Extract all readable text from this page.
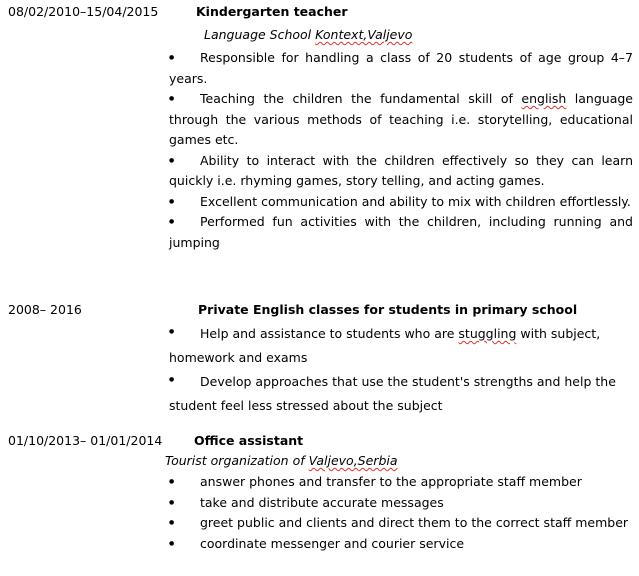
08/02/2010–15/04/2015	Kindergarten teacher
Language School Kontext,Valjevo
● Responsible for handling a class of 20 students of age group 4–7 years.
● Teaching the children the fundamental skill of english language through the various methods of teaching i.e. storytelling, educational games etc.
● Ability to interact with the children effectively so they can learn quickly i.e. rhyming games, story telling, and acting games.
● Excellent communication and ability to mix with children effortlessly.
● Performed fun activities with the children, including running and jumping
2008– 2016	Private English classes for students in primary school
● Help and assistance to students who are stuggling with subject, homework and exams
● Develop approaches that use the student's strengths and help the student feel less stressed about the subject
01/10/2013– 01/01/2014	Office assistant
Tourist organization of Valjevo,Serbia
● answer phones and transfer to the appropriate staff member
● take and distribute accurate messages
● greet public and clients and direct them to the correct staff member
● coordinate messenger and courier service
